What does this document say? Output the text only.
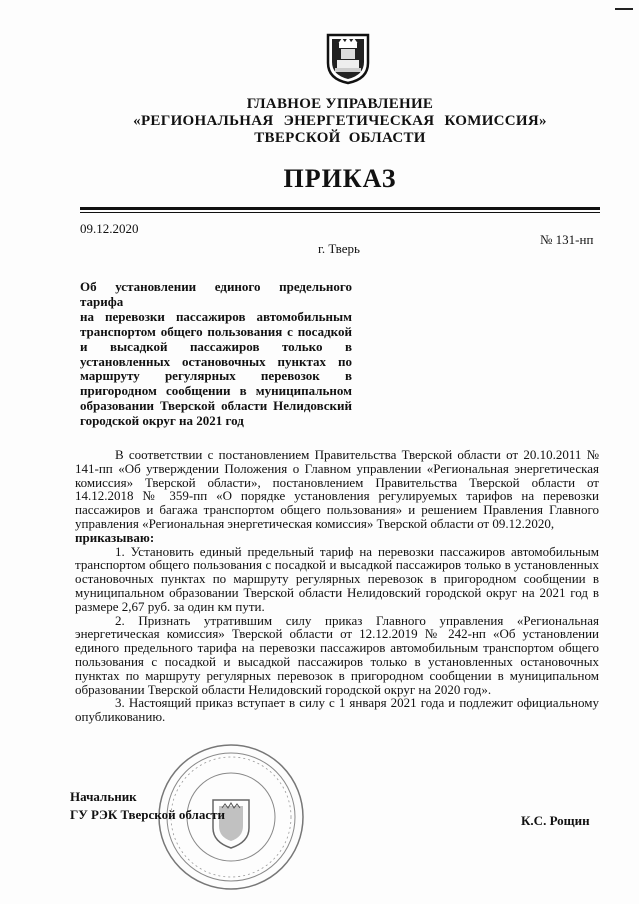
ГЛАВНОЕ УПРАВЛЕНИЕ
«РЕГИОНАЛЬНАЯ ЭНЕРГЕТИЧЕСКАЯ КОМИССИЯ»
ТВЕРСКОЙ ОБЛАСТИ
ПРИКАЗ
09.12.2020
г. Тверь
№ 131-нп
Об установлении единого предельного тарифа
на перевозки пассажиров автомобильным
транспортом общего пользования с посадкой
и высадкой пассажиров только в
установленных остановочных пунктах по
маршруту регулярных перевозок в
пригородном сообщении в муниципальном
образовании Тверской области Нелидовский
городской округ на 2021 год

В соответствии с постановлением Правительства Тверской области от 20.10.2011 № 141-пп «Об утверждении Положения о Главном управлении «Региональная энергетическая комиссия» Тверской области», постановлением Правительства Тверской области от 14.12.2018 № 359-пп «О порядке установления регулируемых тарифов на перевозки пассажиров и багажа транспортом общего пользования» и решением Правления Главного управления «Региональная энергетическая комиссия» Тверской области от 09.12.2020,

приказываю:

1. Установить единый предельный тариф на перевозки пассажиров автомобильным транспортом общего пользования с посадкой и высадкой пассажиров только в установленных остановочных пунктах по маршруту регулярных перевозок в пригородном сообщении в муниципальном образовании Тверской области Нелидовский городской округ на 2021 год в размере 2,67 руб. за один км пути.

2. Признать утратившим силу приказ Главного управления «Региональная энергетическая комиссия» Тверской области от 12.12.2019 № 242-нп «Об установлении единого предельного тарифа на перевозки пассажиров автомобильным транспортом общего пользования с посадкой и высадкой пассажиров только в установленных остановочных пунктах по маршруту регулярных перевозок в пригородном сообщении в муниципальном образовании Тверской области Нелидовский городской округ на 2020 год».

3. Настоящий приказ вступает в силу с 1 января 2021 года и подлежит официальному опубликованию.

Начальник
ГУ РЭК Тверской области	К.С. Рощин
